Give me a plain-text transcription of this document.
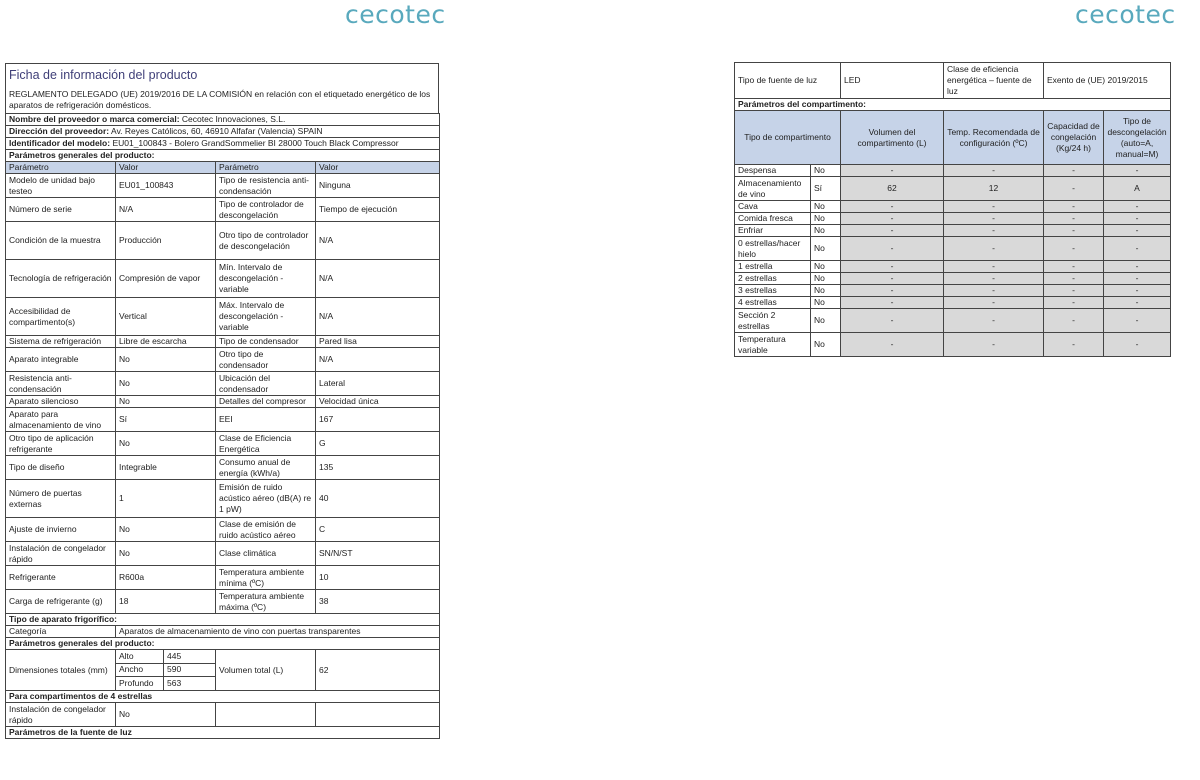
cecotec	cecotec
Ficha de información del producto
REGLAMENTO DELEGADO (UE) 2019/2016 DE LA COMISIÓN en relación con el etiquetado energético de los aparatos de refrigeración domésticos.
Nombre del proveedor o marca comercial: Cecotec Innovaciones, S.L.
Dirección del proveedor: Av. Reyes Católicos, 60, 46910 Alfafar (Valencia) SPAIN
Identificador del modelo: EU01_100843 - Bolero GrandSommelier BI 28000 Touch Black Compressor
Parámetros generales del producto:
Parámetro	Valor	Parámetro	Valor
Modelo de unidad bajo testeo	EU01_100843	Tipo de resistencia anti-condensación	Ninguna
Número de serie	N/A	Tipo de controlador de descongelación	Tiempo de ejecución
Condición de la muestra	Producción	Otro tipo de controlador de descongelación	N/A
Tecnología de refrigeración	Compresión de vapor	Mín. Intervalo de descongelación - variable	N/A
Accesibilidad de compartimento(s)	Vertical	Máx. Intervalo de descongelación - variable	N/A
Sistema de refrigeración	Libre de escarcha	Tipo de condensador	Pared lisa
Aparato integrable	No	Otro tipo de condensador	N/A
Resistencia anti-condensación	No	Ubicación del condensador	Lateral
Aparato silencioso	No	Detalles del compresor	Velocidad única
Aparato para almacenamiento de vino	Sí	EEI	167
Otro tipo de aplicación refrigerante	No	Clase de Eficiencia Energética	G
Tipo de diseño	Integrable	Consumo anual de energía (kWh/a)	135
Número de puertas externas	1	Emisión de ruido acústico aéreo (dB(A) re 1 pW)	40
Ajuste de invierno	No	Clase de emisión de ruido acústico aéreo	C
Instalación de congelador rápido	No	Clase climática	SN/N/ST
Refrigerante	R600a	Temperatura ambiente mínima (ºC)	10
Carga de refrigerante (g)	18	Temperatura ambiente máxima (ºC)	38
Tipo de aparato frigorífico:
Categoría	Aparatos de almacenamiento de vino con puertas transparentes
Parámetros generales del producto:
Dimensiones totales (mm)	
Alto	445
Ancho	590
Profundo	563
	Volumen total (L)	62
Para compartimentos de 4 estrellas
Instalación de congelador rápido	No		
Parámetros de la fuente de luz
Tipo de fuente de luz		LED	Clase de eficiencia energética – fuente de luz	Exento de (UE) 2019/2015	
Parámetros del compartimento:					
Tipo de compartimento		Volumen del compartimento (L)	Temp. Recomendada de configuración (ºC)	Capacidad de congelación (Kg/24 h)	Tipo de descongelación (auto=A, manual=M)
Despensa	No	-	-	-	-
Almacenamiento de vino	Sí	62	12	-	A
Cava	No	-	-	-	-
Comida fresca	No	-	-	-	-
Enfriar	No	-	-	-	-
0 estrellas/hacer hielo	No	-	-	-	-
1 estrella	No	-	-	-	-
2 estrellas	No	-	-	-	-
3 estrellas	No	-	-	-	-
4 estrellas	No	-	-	-	-
Sección 2 estrellas	No	-	-	-	-
Temperatura variable	No	-	-	-	-
